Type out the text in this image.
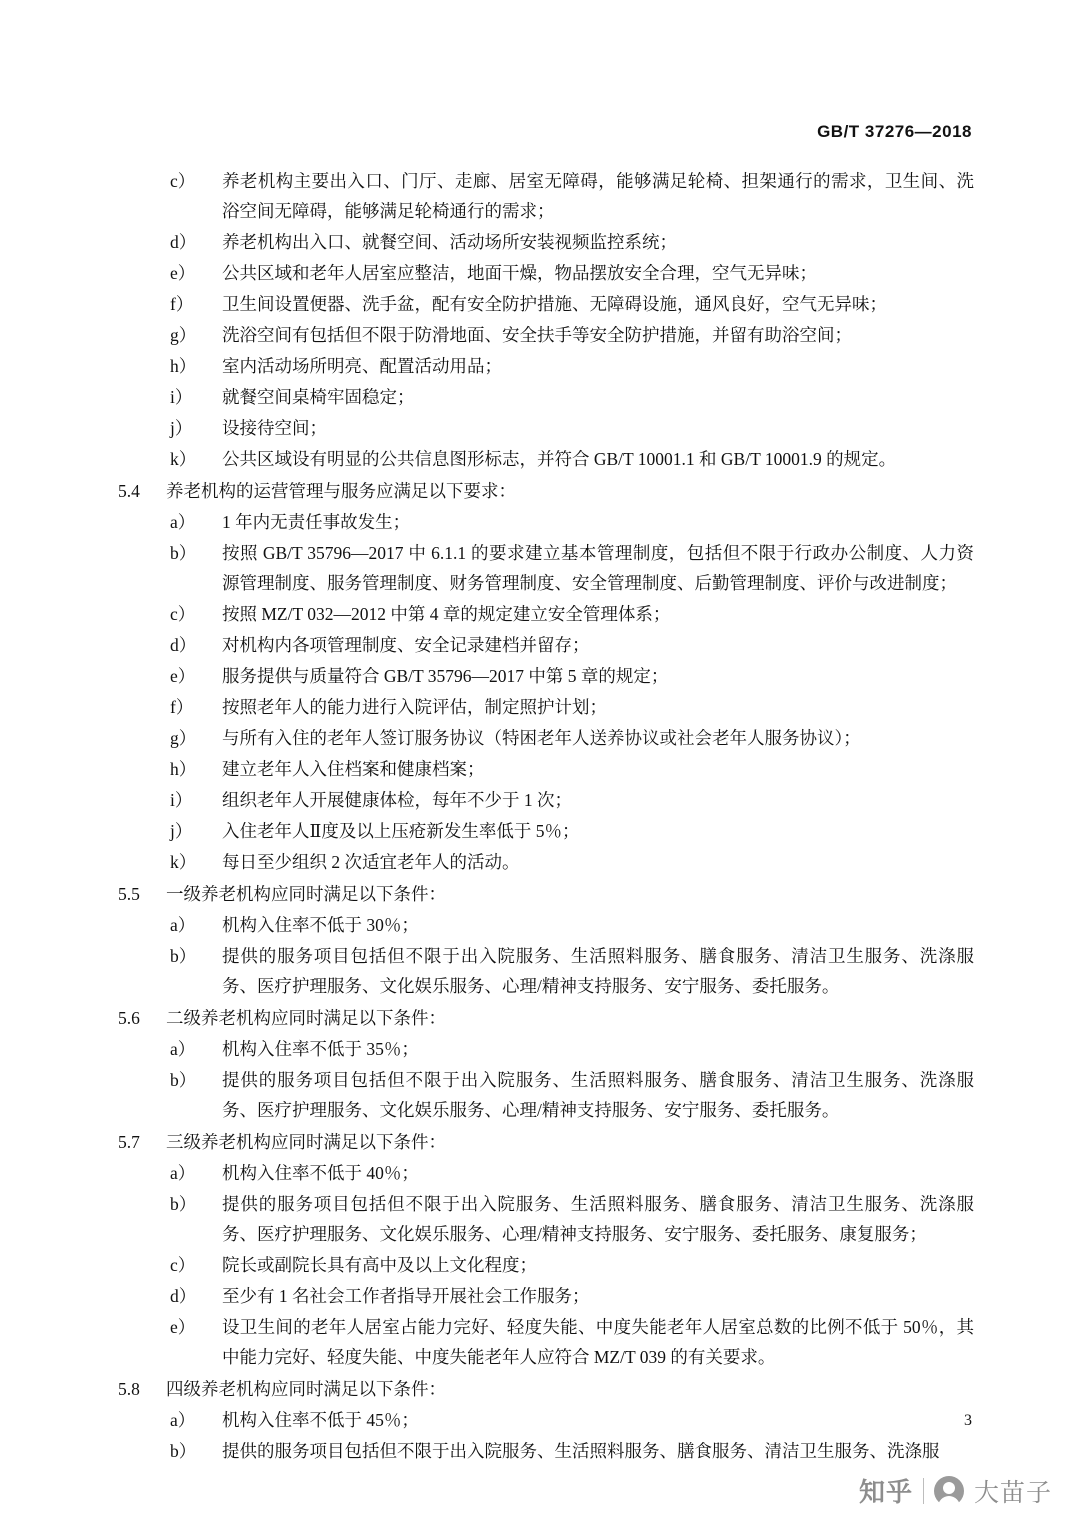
GB/T 37276—2018
c）	养老机构主要出入口、门厅、走廊、居室无障碍，能够满足轮椅、担架通行的需求，卫生间、洗浴空间无障碍，能够满足轮椅通行的需求；
d）	养老机构出入口、就餐空间、活动场所安装视频监控系统；
e）	公共区域和老年人居室应整洁，地面干燥，物品摆放安全合理，空气无异味；
f）	卫生间设置便器、洗手盆，配有安全防护措施、无障碍设施，通风良好，空气无异味；
g）	洗浴空间有包括但不限于防滑地面、安全扶手等安全防护措施，并留有助浴空间；
h）	室内活动场所明亮、配置活动用品；
i）	就餐空间桌椅牢固稳定；
j）	设接待空间；
k）	公共区域设有明显的公共信息图形标志，并符合 GB/T 10001.1 和 GB/T 10001.9 的规定。
5.4	养老机构的运营管理与服务应满足以下要求：
a）	1 年内无责任事故发生；
b）	按照 GB/T 35796—2017 中 6.1.1 的要求建立基本管理制度，包括但不限于行政办公制度、人力资源管理制度、服务管理制度、财务管理制度、安全管理制度、后勤管理制度、评价与改进制度；
c）	按照 MZ/T 032—2012 中第 4 章的规定建立安全管理体系；
d）	对机构内各项管理制度、安全记录建档并留存；
e）	服务提供与质量符合 GB/T 35796—2017 中第 5 章的规定；
f）	按照老年人的能力进行入院评估，制定照护计划；
g）	与所有入住的老年人签订服务协议（特困老年人送养协议或社会老年人服务协议）；
h）	建立老年人入住档案和健康档案；
i）	组织老年人开展健康体检，每年不少于 1 次；
j）	入住老年人Ⅱ度及以上压疮新发生率低于 5％；
k）	每日至少组织 2 次适宜老年人的活动。
5.5	一级养老机构应同时满足以下条件：
a）	机构入住率不低于 30％；
b）	提供的服务项目包括但不限于出入院服务、生活照料服务、膳食服务、清洁卫生服务、洗涤服务、医疗护理服务、文化娱乐服务、心理/精神支持服务、安宁服务、委托服务。
5.6	二级养老机构应同时满足以下条件：
a）	机构入住率不低于 35％；
b）	提供的服务项目包括但不限于出入院服务、生活照料服务、膳食服务、清洁卫生服务、洗涤服务、医疗护理服务、文化娱乐服务、心理/精神支持服务、安宁服务、委托服务。
5.7	三级养老机构应同时满足以下条件：
a）	机构入住率不低于 40％；
b）	提供的服务项目包括但不限于出入院服务、生活照料服务、膳食服务、清洁卫生服务、洗涤服务、医疗护理服务、文化娱乐服务、心理/精神支持服务、安宁服务、委托服务、康复服务；
c）	院长或副院长具有高中及以上文化程度；
d）	至少有 1 名社会工作者指导开展社会工作服务；
e）	设卫生间的老年人居室占能力完好、轻度失能、中度失能老年人居室总数的比例不低于 50％，其中能力完好、轻度失能、中度失能老年人应符合 MZ/T 039 的有关要求。
5.8	四级养老机构应同时满足以下条件：
a）	机构入住率不低于 45％；
b）	提供的服务项目包括但不限于出入院服务、生活照料服务、膳食服务、清洁卫生服务、洗涤服
3
知乎 大苗子
